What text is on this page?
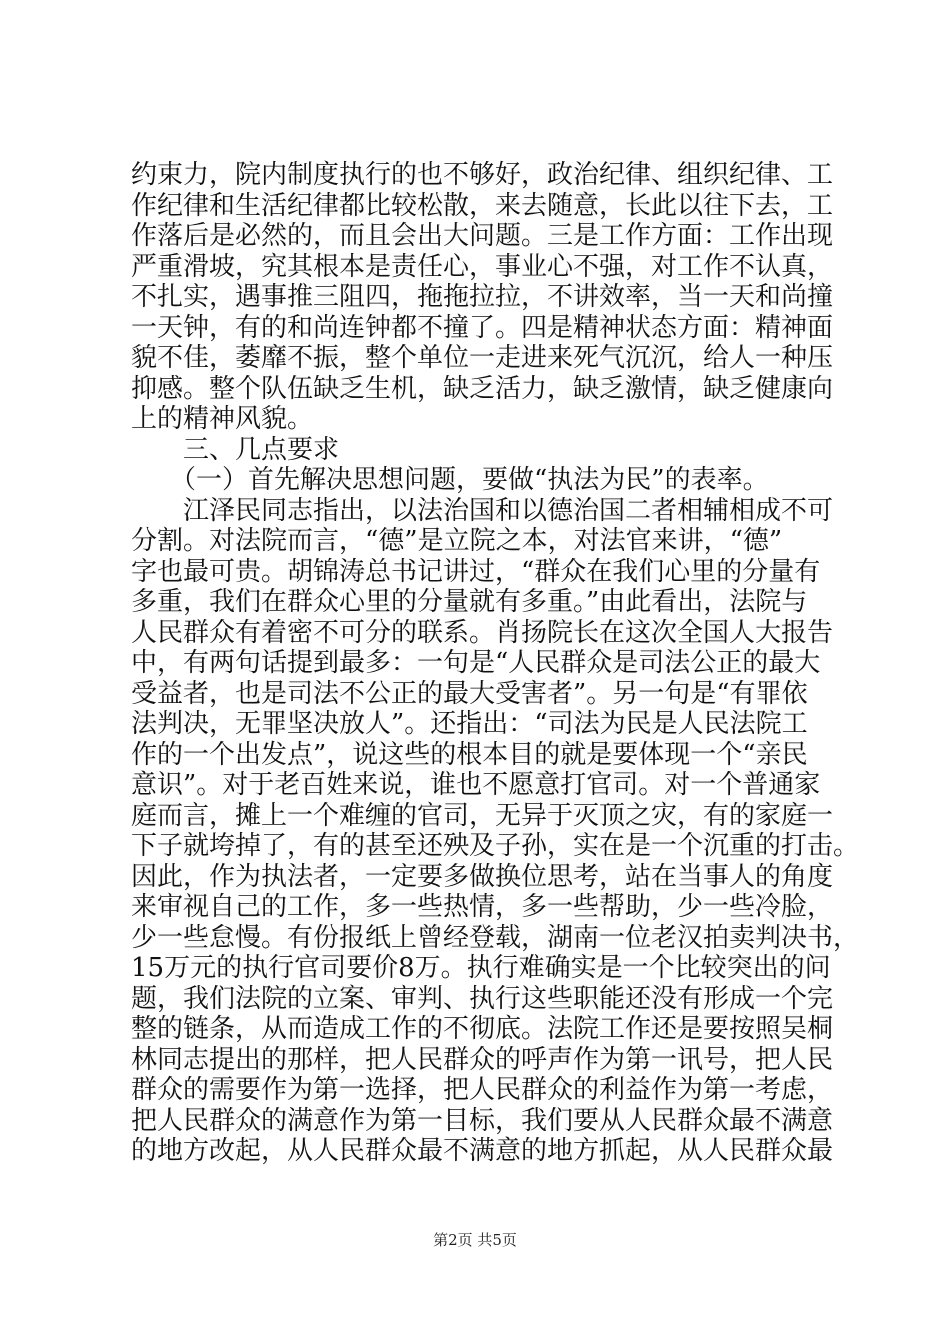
约束力，院内制度执行的也不够好，政治纪律、组织纪律、工
作纪律和生活纪律都比较松散，来去随意，长此以往下去，工
作落后是必然的，而且会出大问题。三是工作方面：工作出现
严重滑坡，究其根本是责任心，事业心不强，对工作不认真，
不扎实，遇事推三阻四，拖拖拉拉，不讲效率，当一天和尚撞
一天钟，有的和尚连钟都不撞了。四是精神状态方面：精神面
貌不佳，萎靡不振，整个单位一走进来死气沉沉，给人一种压
抑感。整个队伍缺乏生机，缺乏活力，缺乏激情，缺乏健康向
上的精神风貌。
　　三、几点要求
　　（一）首先解决思想问题，要做“执法为民”的表率。
　　江泽民同志指出，以法治国和以德治国二者相辅相成不可
分割。对法院而言，“德”是立院之本，对法官来讲，“德”
字也最可贵。胡锦涛总书记讲过，“群众在我们心里的分量有
多重，我们在群众心里的分量就有多重。”由此看出，法院与
人民群众有着密不可分的联系。肖扬院长在这次全国人大报告
中，有两句话提到最多：一句是“人民群众是司法公正的最大
受益者，也是司法不公正的最大受害者”。另一句是“有罪依
法判决，无罪坚决放人”。还指出：“司法为民是人民法院工
作的一个出发点”，说这些的根本目的就是要体现一个“亲民
意识”。对于老百姓来说，谁也不愿意打官司。对一个普通家
庭而言，摊上一个难缠的官司，无异于灭顶之灾，有的家庭一
下子就垮掉了，有的甚至还殃及子孙，实在是一个沉重的打击。
因此，作为执法者，一定要多做换位思考，站在当事人的角度
来审视自己的工作，多一些热情，多一些帮助，少一些冷脸，
少一些怠慢。有份报纸上曾经登载，湖南一位老汉拍卖判决书，
15万元的执行官司要价8万。执行难确实是一个比较突出的问
题，我们法院的立案、审判、执行这些职能还没有形成一个完
整的链条，从而造成工作的不彻底。法院工作还是要按照吴桐
林同志提出的那样，把人民群众的呼声作为第一讯号，把人民
群众的需要作为第一选择，把人民群众的利益作为第一考虑，
把人民群众的满意作为第一目标，我们要从人民群众最不满意
的地方改起，从人民群众最不满意的地方抓起，从人民群众最
第2页 共5页
